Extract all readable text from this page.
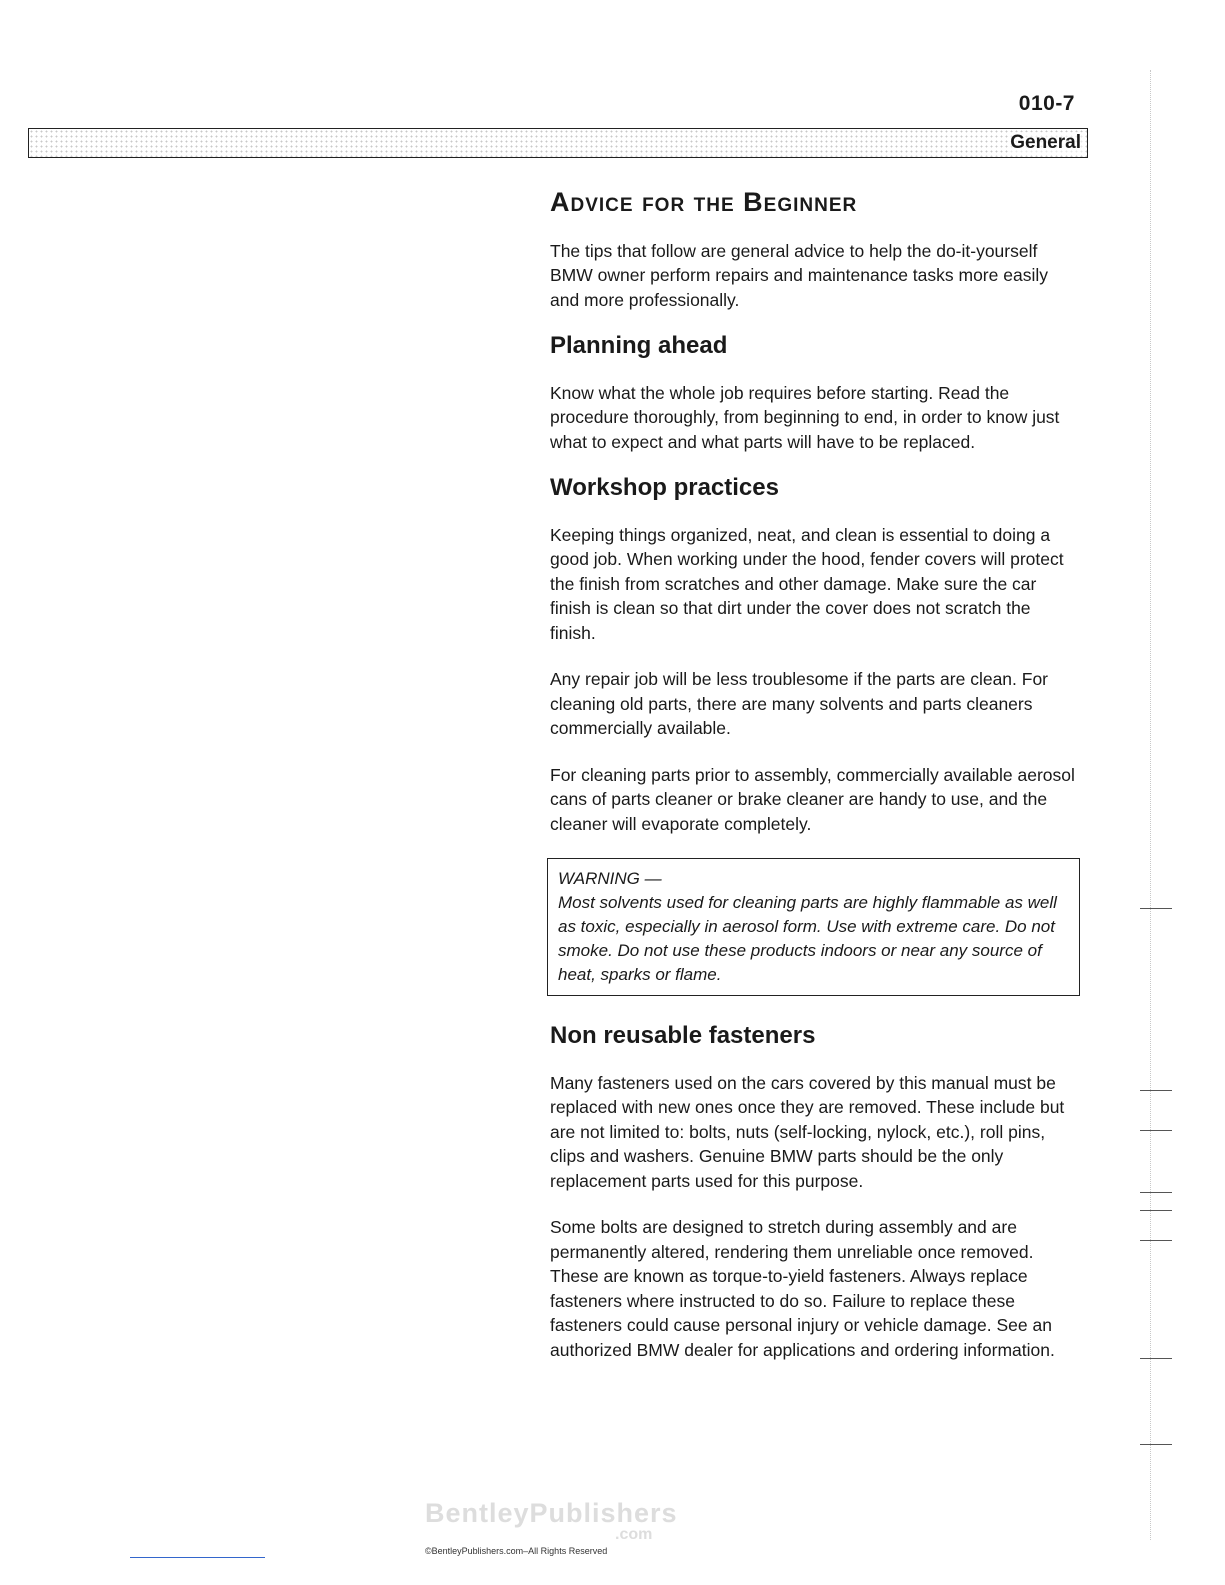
010-7
General
Advice for the Beginner

The tips that follow are general advice to help the do-it-yourself BMW owner perform repairs and maintenance tasks more easily and more professionally.

Planning ahead

Know what the whole job requires before starting. Read the procedure thoroughly, from beginning to end, in order to know just what to expect and what parts will have to be replaced.

Workshop practices

Keeping things organized, neat, and clean is essential to doing a good job. When working under the hood, fender covers will protect the finish from scratches and other damage. Make sure the car finish is clean so that dirt under the cover does not scratch the finish.

Any repair job will be less troublesome if the parts are clean. For cleaning old parts, there are many solvents and parts cleaners commercially available.

For cleaning parts prior to assembly, commercially available aerosol cans of parts cleaner or brake cleaner are handy to use, and the cleaner will evaporate completely.

WARNING —
Most solvents used for cleaning parts are highly flammable as well as toxic, especially in aerosol form. Use with extreme care. Do not smoke. Do not use these products indoors or near any source of heat, sparks or flame.
Non reusable fasteners

Many fasteners used on the cars covered by this manual must be replaced with new ones once they are removed. These include but are not limited to: bolts, nuts (self-locking, nylock, etc.), roll pins, clips and washers. Genuine BMW parts should be the only replacement parts used for this purpose.

Some bolts are designed to stretch during assembly and are permanently altered, rendering them unreliable once removed. These are known as torque-to-yield fasteners. Always replace fasteners where instructed to do so. Failure to replace these fasteners could cause personal injury or vehicle damage. See an authorized BMW dealer for applications and ordering information.

BentleyPublishers
.com
©BentleyPublishers.com–All Rights Reserved
